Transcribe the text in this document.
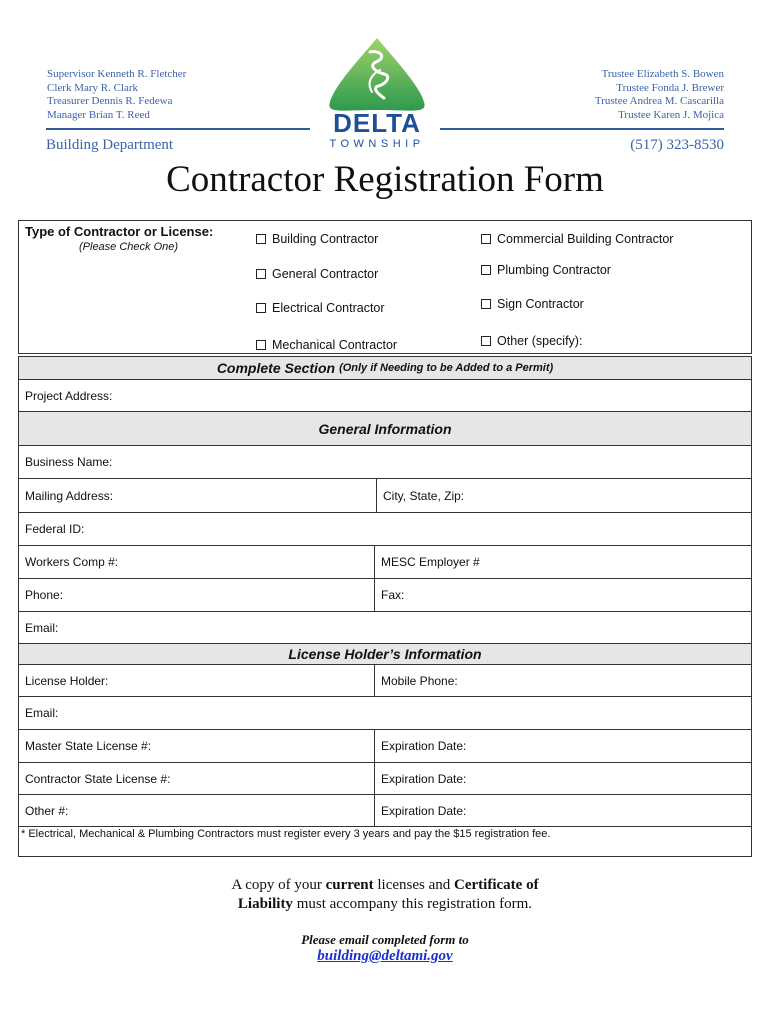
Supervisor Kenneth R. Fletcher
Clerk Mary R. Clark
Treasurer Dennis R. Fedewa
Manager Brian T. Reed
Trustee Elizabeth S. Bowen
Trustee Fonda J. Brewer
Trustee Andrea M. Cascarilla
Trustee Karen J. Mojica
DELTA
TOWNSHIP
Building Department	(517) 323-8530
Contractor Registration Form
Type of Contractor or License:
(Please Check One)
Building Contractor
General Contractor
Electrical Contractor
Mechanical Contractor
Commercial Building Contractor
Plumbing Contractor
Sign Contractor
Other (specify):
Complete Section (Only if Needing to be Added to a Permit)
Project Address:
General Information
Business Name:
Mailing Address:	City, State, Zip:
Federal ID:
Workers Comp #:	MESC Employer #
Phone:	Fax:
Email:
License Holder’s Information
License Holder:	Mobile Phone:
Email:
Master State License #:	Expiration Date:
Contractor State License #:	Expiration Date:
Other #:	Expiration Date:
* Electrical, Mechanical & Plumbing Contractors must register every 3 years and pay the $15 registration fee.
A copy of your current licenses and Certificate of
Liability must accompany this registration form.
Please email completed form to
building@deltami.gov
